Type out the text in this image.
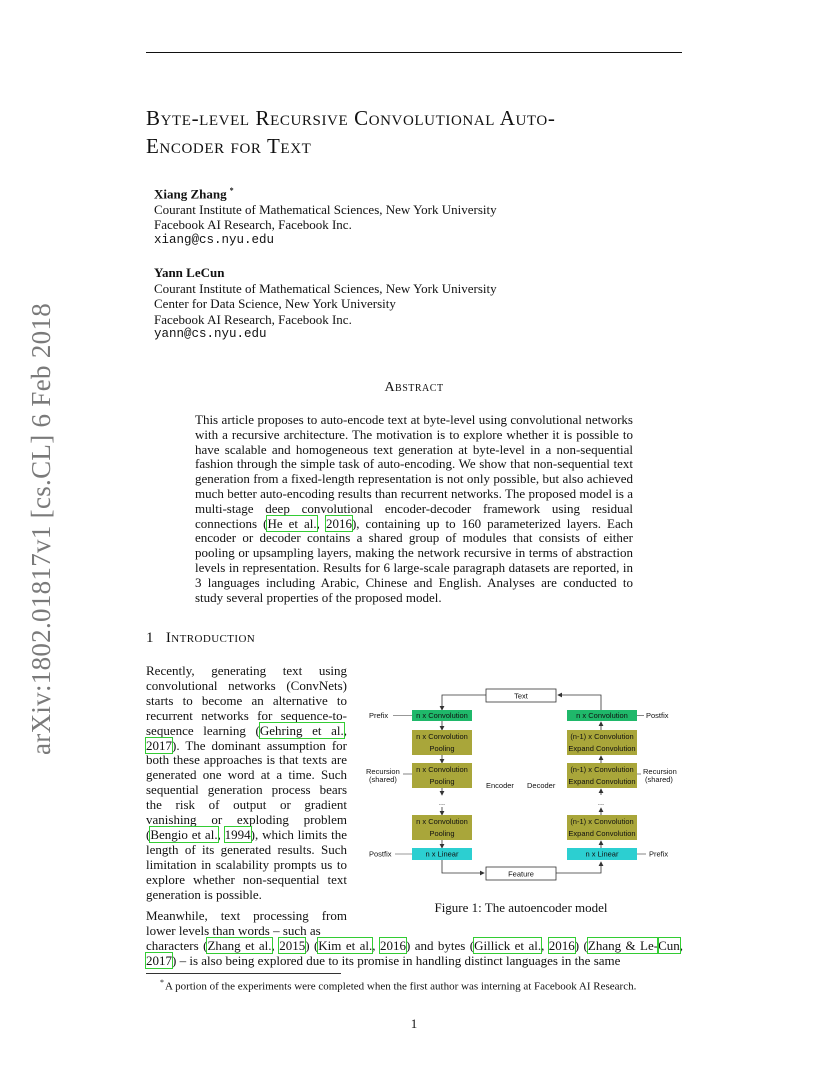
arXiv:1802.01817v1 [cs.CL] 6 Feb 2018
Byte-level Recursive Convolutional Auto-
Encoder for Text
Xiang Zhang *
Courant Institute of Mathematical Sciences, New York University
Facebook AI Research, Facebook Inc.
xiang@cs.nyu.edu
Yann LeCun
Courant Institute of Mathematical Sciences, New York University
Center for Data Science, New York University
Facebook AI Research, Facebook Inc.
yann@cs.nyu.edu
Abstract
This article proposes to auto-encode text at byte-level using convolutional networks with a recursive architecture. The motivation is to explore whether it is possible to have scalable and homogeneous text generation at byte-level in a non-sequential fashion through the simple task of auto-encoding. We show that non-sequential text generation from a fixed-length representation is not only possible, but also achieved much better auto-encoding results than recurrent networks. The proposed model is a multi-stage deep convolutional encoder-decoder framework using residual connections (He et al., 2016), containing up to 160 parameterized layers. Each encoder or decoder contains a shared group of modules that consists of either pooling or upsampling layers, making the network recursive in terms of abstraction levels in representation. Results for 6 large-scale paragraph datasets are reported, in 3 languages including Arabic, Chinese and English. Analyses are conducted to study several properties of the proposed model.
1 Introduction
Recently, generating text using convolutional networks (ConvNets) starts to become an alternative to recurrent networks for sequence-to-sequence learning (Gehring et al., 2017). The dominant assumption for both these approaches is that texts are generated one word at a time. Such sequential generation process bears the risk of output or gradient vanishing or exploding problem (Bengio et al., 1994), which limits the length of its generated results. Such limitation in scalability prompts us to explore whether non-sequential text generation is possible.
Meanwhile, text processing from lower levels than words – such as
characters (Zhang et al., 2015) (Kim et al., 2016) and bytes (Gillick et al., 2016) (Zhang & Le-Cun, 2017) – is also being explored due to its promise in handling distinct languages in the same
Text
Feature
n x Convolution
n x Convolution
Pooling
n x Convolution
Pooling
...
n x Convolution
Pooling
n x Linear
Prefix
Recursion
(shared)
Postfix
Encoder Decoder
n x Convolution
(n-1) x Convolution
Expand Convolution
(n-1) x Convolution
Expand Convolution
...
(n-1) x Convolution
Expand Convolution
n x Linear
Postfix
Recursion
(shared)
Prefix
Figure 1: The autoencoder model
*A portion of the experiments were completed when the first author was interning at Facebook AI Research.
1
